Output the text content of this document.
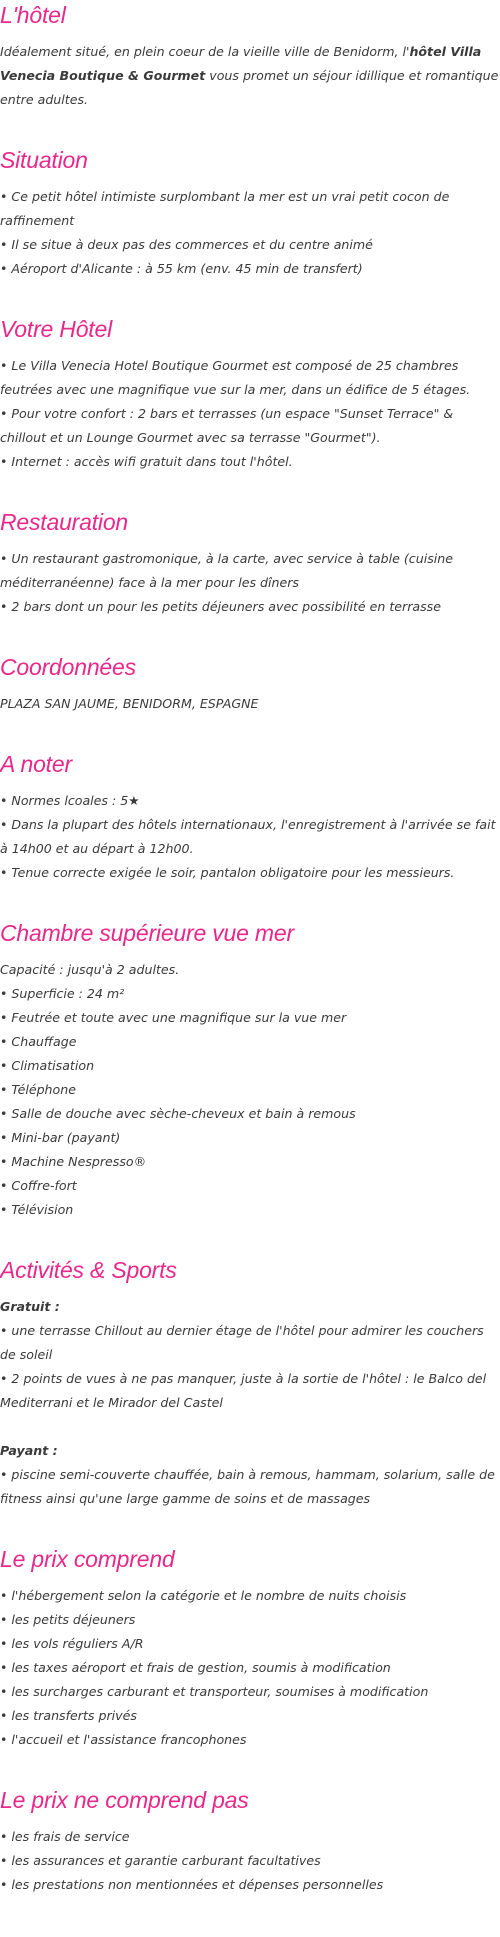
L'hôtel

Idéalement situé, en plein coeur de la vieille ville de Benidorm, l'hôtel Villa Venecia Boutique & Gourmet vous promet un séjour idillique et romantique entre adultes.

Situation

• Ce petit hôtel intimiste surplombant la mer est un vrai petit cocon de raffinement

• Il se situe à deux pas des commerces et du centre animé

• Aéroport d'Alicante : à 55 km (env. 45 min de transfert)

Votre Hôtel

• Le Villa Venecia Hotel Boutique Gourmet est composé de 25 chambres feutrées avec une magnifique vue sur la mer, dans un édifice de 5 étages.

• Pour votre confort : 2 bars et terrasses (un espace "Sunset Terrace" & chillout et un Lounge Gourmet avec sa terrasse "Gourmet").

• Internet : accès wifi gratuit dans tout l'hôtel.

Restauration

• Un restaurant gastromonique, à la carte, avec service à table (cuisine méditerranéenne) face à la mer pour les dîners

• 2 bars dont un pour les petits déjeuners avec possibilité en terrasse

Coordonnées

PLAZA SAN JAUME, BENIDORM, ESPAGNE

A noter

• Normes lcoales : 5★

• Dans la plupart des hôtels internationaux, l'enregistrement à l'arrivée se fait à 14h00 et au départ à 12h00.

• Tenue correcte exigée le soir, pantalon obligatoire pour les messieurs.

Chambre supérieure vue mer

Capacité : jusqu'à 2 adultes.

• Superficie : 24 m²

• Feutrée et toute avec une magnifique sur la vue mer

• Chauffage

• Climatisation

• Téléphone

• Salle de douche avec sèche-cheveux et bain à remous

• Mini-bar (payant)

• Machine Nespresso®

• Coffre-fort

• Télévision

Activités & Sports

Gratuit :

• une terrasse Chillout au dernier étage de l'hôtel pour admirer les couchers de soleil

• 2 points de vues à ne pas manquer, juste à la sortie de l'hôtel : le Balco del Mediterrani et le Mirador del Castel

Payant :

• piscine semi-couverte chauffée, bain à remous, hammam, solarium, salle de fitness ainsi qu'une large gamme de soins et de massages

Le prix comprend

• l'hébergement selon la catégorie et le nombre de nuits choisis

• les petits déjeuners

• les vols réguliers A/R

• les taxes aéroport et frais de gestion, soumis à modification

• les surcharges carburant et transporteur, soumises à modification

• les transferts privés

• l'accueil et l'assistance francophones

Le prix ne comprend pas

• les frais de service

• les assurances et garantie carburant facultatives

• les prestations non mentionnées et dépenses personnelles
